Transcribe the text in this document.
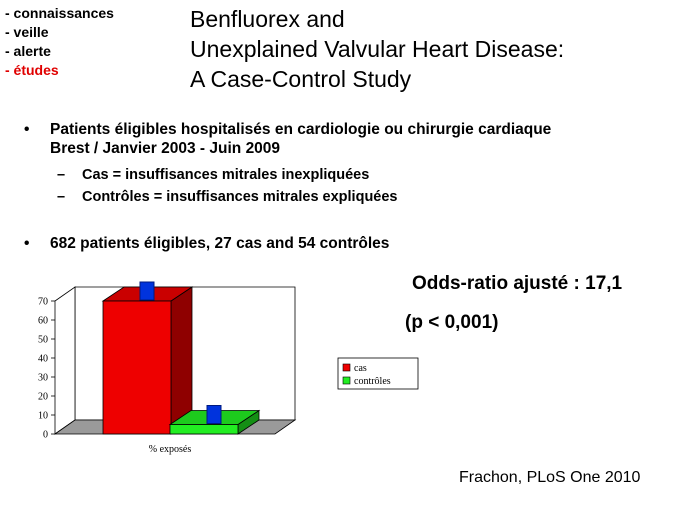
- connaissances
- veille
- alerte
- études
Benfluorex and
Unexplained Valvular Heart Disease:
A Case-Control Study
• Patients éligibles hospitalisés en cardiologie ou chirurgie cardiaque
Brest / Janvier 2003 - Juin 2009
– Cas = insuffisances mitrales inexpliquées
– Contrôles = insuffisances mitrales expliquées
• 682 patients éligibles, 27 cas and 54 contrôles
Odds-ratio ajusté : 17,1
(p < 0,001)
Frachon, PLoS One 2010
0
10
20
30
40
50
60
70
% exposés
cas
contrôles
